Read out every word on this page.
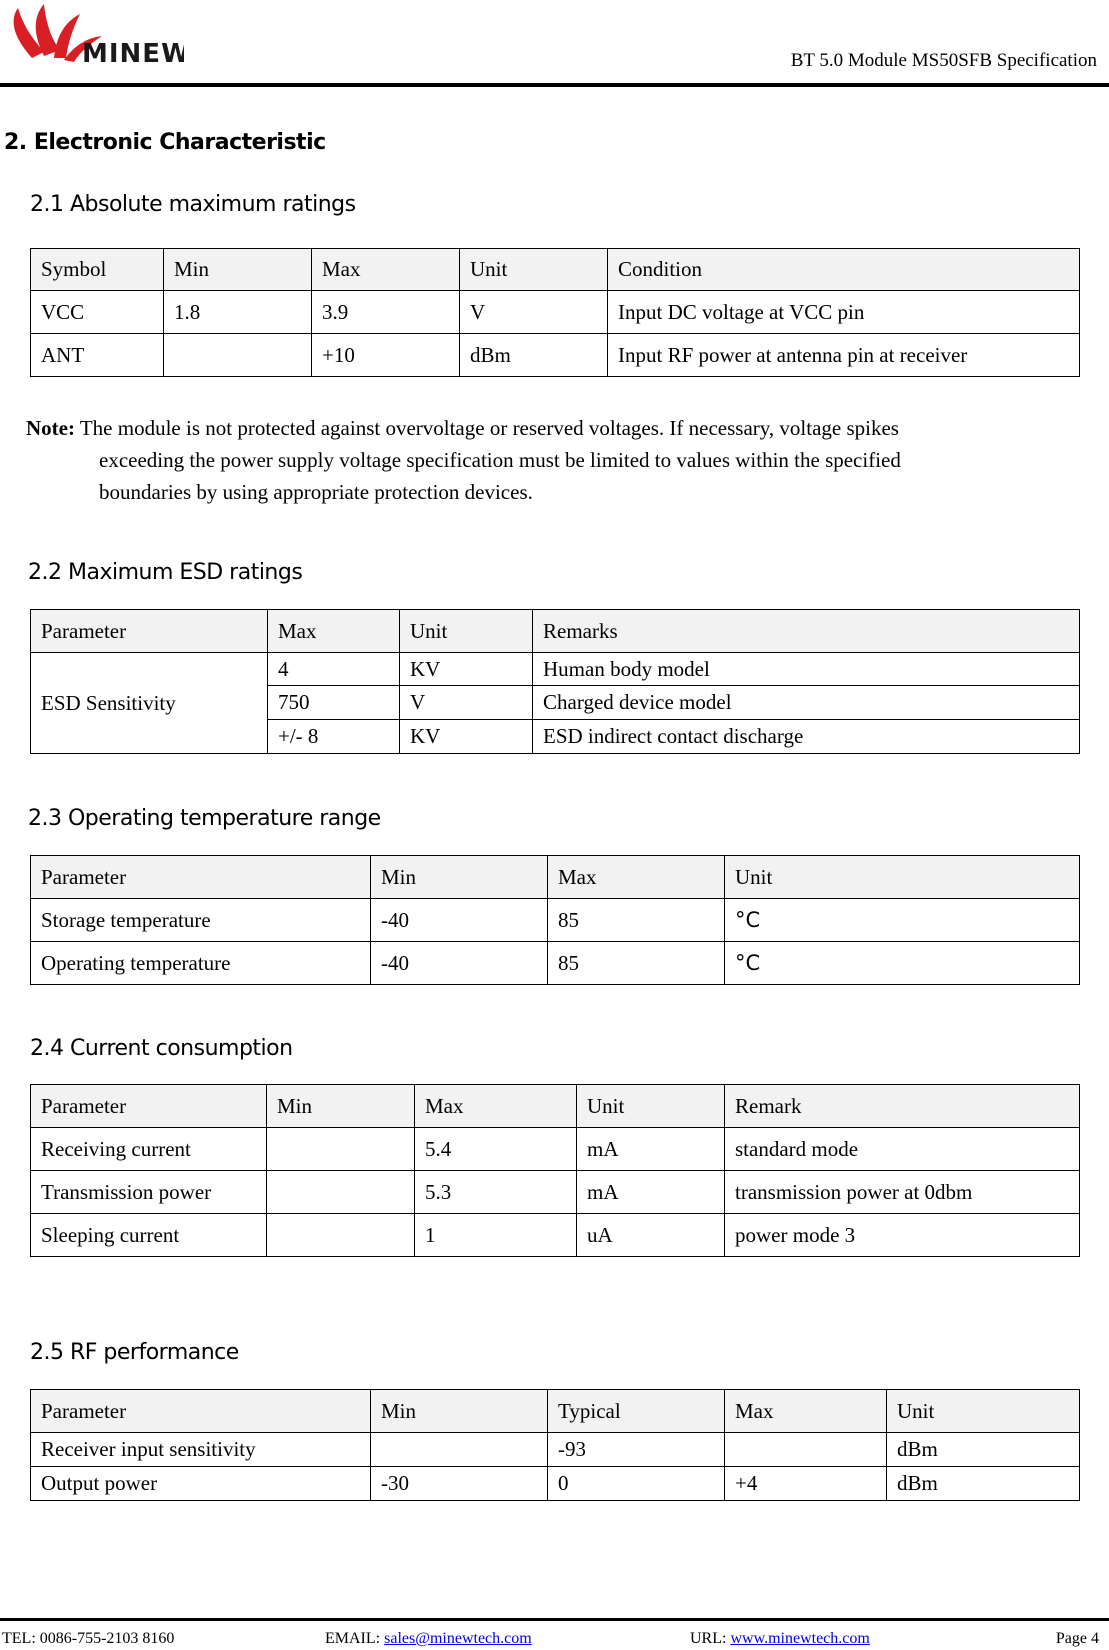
MINEW	BT 5.0 Module MS50SFB Specification
2. Electronic Characteristic
2.1 Absolute maximum ratings
Symbol	Min	Max	Unit	Condition
VCC	1.8	3.9	V	Input DC voltage at VCC pin
ANT		+10	dBm	Input RF power at antenna pin at receiver
Note: The module is not protected against overvoltage or reserved voltages. If necessary, voltage spikes
exceeding the power supply voltage specification must be limited to values within the specified
boundaries by using appropriate protection devices.
2.2 Maximum ESD ratings
Parameter	Max	Unit	Remarks
ESD Sensitivity	4	KV	Human body model
	750	V	Charged device model
	+/- 8	KV	ESD indirect contact discharge
2.3 Operating temperature range
Parameter	Min	Max	Unit
Storage temperature	-40	85	°C
Operating temperature	-40	85	°C
2.4 Current consumption
Parameter	Min	Max	Unit	Remark
Receiving current		5.4	mA	standard mode
Transmission power		5.3	mA	transmission power at 0dbm
Sleeping current		1	uA	power mode 3
2.5 RF performance
Parameter	Min	Typical	Max	Unit
Receiver input sensitivity		-93		dBm
Output power	-30	0	+4	dBm
TEL: 0086-755-2103 8160	EMAIL: sales@minewtech.com	URL: www.minewtech.com	Page 4
